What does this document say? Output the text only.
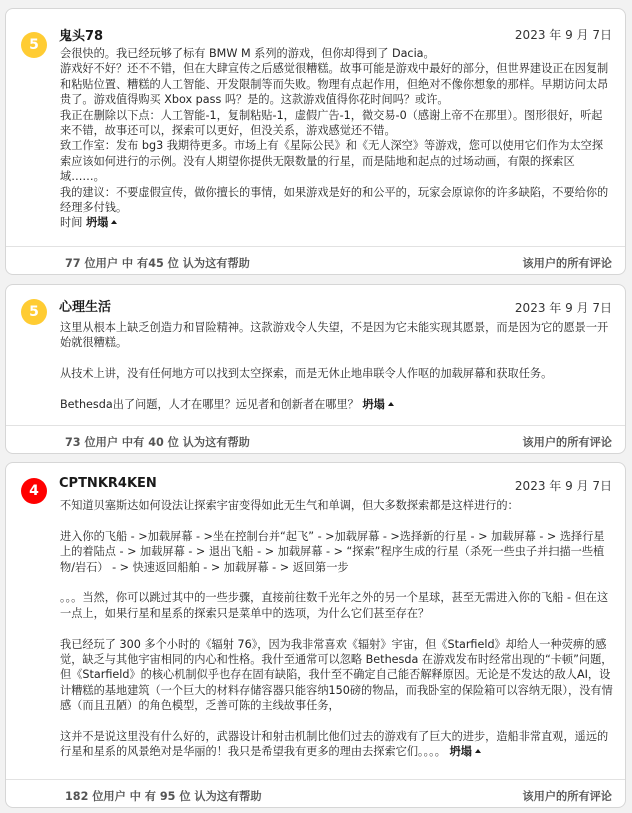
5
鬼头78	2023 年 9 月 7日

会很快的。我已经玩够了标有 BMW M 系列的游戏，但你却得到了 Dacia。

游戏好不好？还不不错，但在大肆宣传之后感觉很糟糕。故事可能是游戏中最好的部分，但世界建设正在因复制和粘贴位置、糟糕的人工智能、开发限制等而失败。物理有点起作用，但绝对不像你想象的那样。早期访问太昂贵了。游戏值得购买 Xbox pass 吗？是的。这款游戏值得你花时间吗？或许。

我正在删除以下点：人工智能-1，复制粘贴-1，虚假广告-1，微交易-0（感谢上帝不在那里）。图形很好，听起来不错，故事还可以，探索可以更好，但没关系，游戏感觉还不错。

致工作室：发布 bg3 我期待更多。市场上有《星际公民》和《无人深空》等游戏，您可以使用它们作为太空探索应该如何进行的示例。没有人期望你提供无限数量的行星，而是陆地和起点的过场动画，有限的探索区域……。

我的建议：不要虚假宣传，做你擅长的事情，如果游戏是好的和公平的，玩家会原谅你的许多缺陷，不要给你的经理多付钱。

时间 坍塌

77 位用户 中 有45 位 认为这有帮助	该用户的所有评论
5	心理生活	2023 年 9 月 7日

这里从根本上缺乏创造力和冒险精神。这款游戏令人失望，不是因为它未能实现其愿景，而是因为它的愿景一开始就很糟糕。

从技术上讲，没有任何地方可以找到太空探索，而是无休止地串联令人作呕的加载屏幕和获取任务。

Bethesda出了问题，人才在哪里？远见者和创新者在哪里？ 坍塌

73 位用户 中有 40 位 认为这有帮助	该用户的所有评论
4	CPTNKR4KEN	2023 年 9 月 7日

不知道贝塞斯达如何设法让探索宇宙变得如此无生气和单调，但大多数探索都是这样进行的：

进入你的飞船 - >加载屏幕 - >坐在控制台并“起飞” - >加载屏幕 - >选择新的行星 - > 加载屏幕 - > 选择行星上的着陆点 - > 加载屏幕 - > 退出飞船 - > 加载屏幕 - > “探索”程序生成的行星（杀死一些虫子并扫描一些植物/岩石） - > 快速返回船舶 - > 加载屏幕 - > 返回第一步

。。。当然，你可以跳过其中的一些步骤，直接前往数千光年之外的另一个星球，甚至无需进入你的飞船 - 但在这一点上，如果行星和星系的探索只是菜单中的选项，为什么它们甚至存在？

我已经玩了 300 多个小时的《辐射 76》，因为我非常喜欢《辐射》宇宙，但《Starfield》却给人一种荧痹的感觉，缺乏与其他宇宙相同的内心和性格。我什至通常可以忽略 Bethesda 在游戏发布时经常出现的“卡顿”问题，但《Starfield》的核心机制似乎也存在固有缺陷，我什至不确定自己能否解释原因。无论是不发达的敌人AI，设计糟糕的基地建筑（一个巨大的材料存储容器只能容纳150磅的物品，而我卧室的保险箱可以容纳无限），没有情感（而且丑陋）的角色模型，乏善可陈的主线故事任务，

这并不是说这里没有什么好的，武器设计和射击机制比他们过去的游戏有了巨大的进步，造船非常直观，遥远的行星和星系的风景绝对是华丽的！我只是希望我有更多的理由去探索它们。。。。 坍塌

182 位用户 中 有 95 位 认为这有帮助	该用户的所有评论
